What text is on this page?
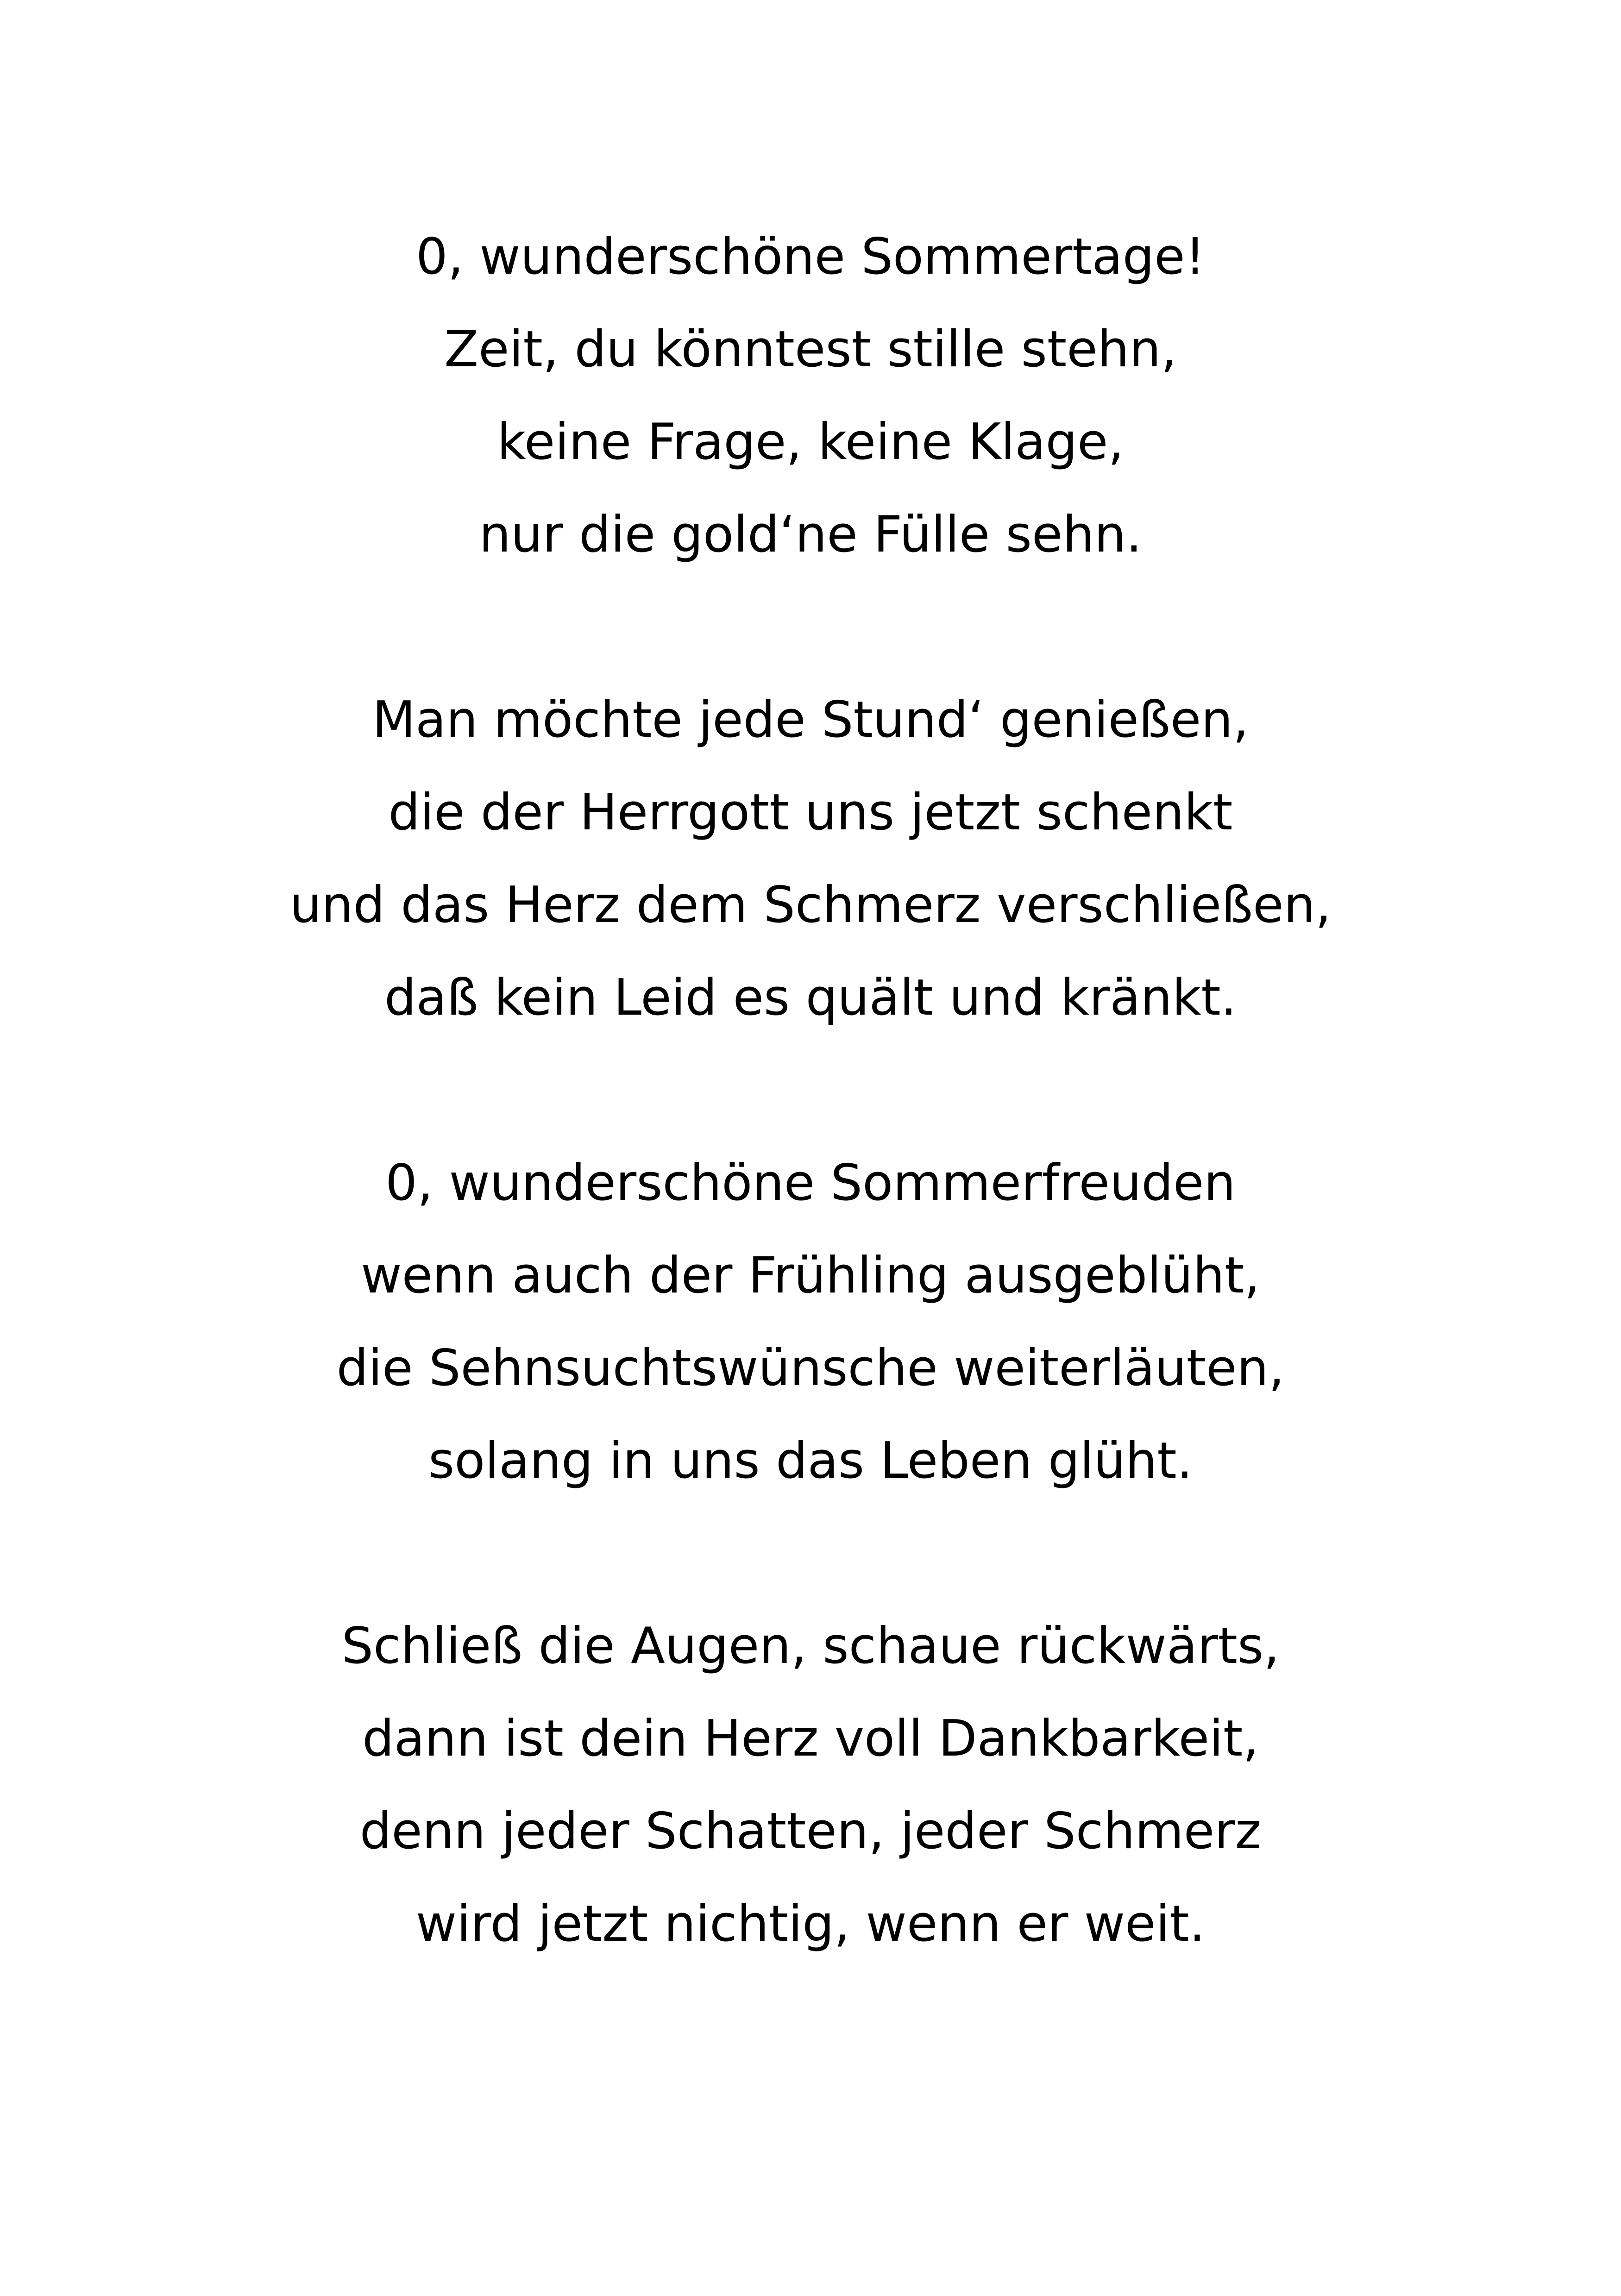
0, wunderschöne Sommertage!
Zeit, du könntest stille stehn,
keine Frage, keine Klage,
nur die gold‘ne Fülle sehn.
Man möchte jede Stund‘ genießen,
die der Herrgott uns jetzt schenkt
und das Herz dem Schmerz verschließen,
daß kein Leid es quält und kränkt.
0, wunderschöne Sommerfreuden
wenn auch der Frühling ausgeblüht,
die Sehnsuchtswünsche weiterläuten,
solang in uns das Leben glüht.
Schließ die Augen, schaue rückwärts,
dann ist dein Herz voll Dankbarkeit,
denn jeder Schatten, jeder Schmerz
wird jetzt nichtig, wenn er weit.
